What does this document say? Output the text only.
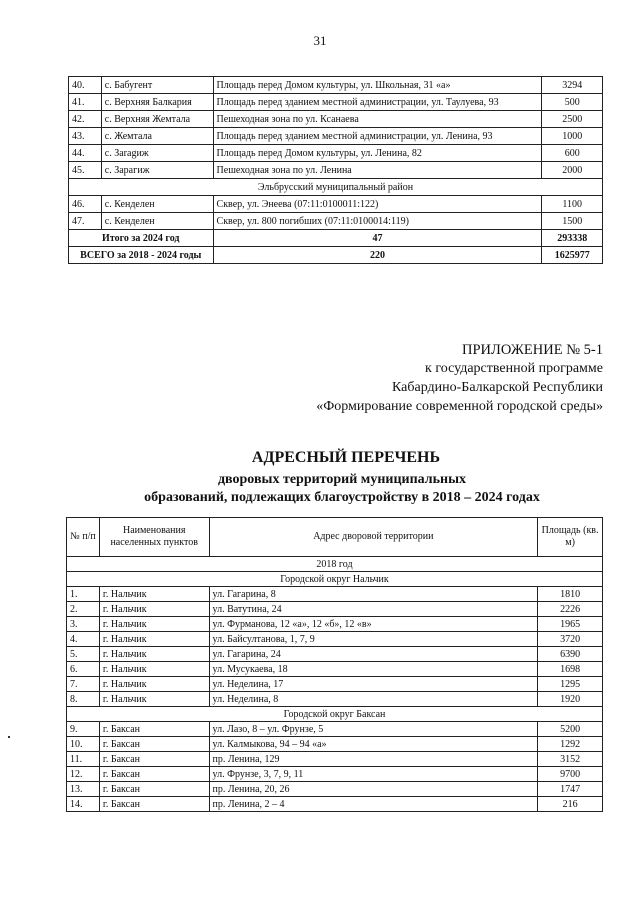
31
40.	с. Бабугент	Площадь перед Домом культуры, ул. Школьная, 31 «а»	3294
41.	с. Верхняя Балкария	Площадь перед зданием местной администрации, ул. Таулуева, 93	500
42.	с. Верхняя Жемтала	Пешеходная зона по ул. Ксанаева	2500
43.	с. Жемтала	Площадь перед зданием местной администрации, ул. Ленина, 93	1000
44.	с. Заragиж	Площадь перед Домом культуры, ул. Ленина, 82	600
45.	с. Зарагиж	Пешеходная зона по ул. Ленина	2000
Эльбрусский муниципальный район			
46.	с. Кенделен	Сквер, ул. Энеева (07:11:0100011:122)	1100
47.	с. Кенделен	Сквер, ул. 800 погибших (07:11:0100014:119)	1500
Итого за 2024 год		47	293338
ВСЕГО за 2018 - 2024 годы		220	1625977
ПРИЛОЖЕНИЕ № 5-1
к государственной программе
Кабардино-Балкарской Республики
«Формирование современной городской среды»
АДРЕСНЫЙ ПЕРЕЧЕНЬ
дворовых территорий муниципальных
образований, подлежащих благоустройству в 2018 – 2024 годах
№ п/п	Наименования населенных пунктов	Адрес дворовой территории	Площадь (кв. м)
2018 год			
Городской округ Нальчик			
1.	г. Нальчик	ул. Гагарина, 8	1810
2.	г. Нальчик	ул. Ватутина, 24	2226
3.	г. Нальчик	ул. Фурманова, 12 «а», 12 «б», 12 «в»	1965
4.	г. Нальчик	ул. Байсултанова, 1, 7, 9	3720
5.	г. Нальчик	ул. Гагарина, 24	6390
6.	г. Нальчик	ул. Мусукаева, 18	1698
7.	г. Нальчик	ул. Неделина, 17	1295
8.	г. Нальчик	ул. Неделина, 8	1920
Городской округ Баксан			
9.	г. Баксан	ул. Лазо, 8 – ул. Фрунзе, 5	5200
10.	г. Баксан	ул. Калмыкова, 94 – 94 «а»	1292
11.	г. Баксан	пр. Ленина, 129	3152
12.	г. Баксан	ул. Фрунзе, 3, 7, 9, 11	9700
13.	г. Баксан	пр. Ленина, 20, 26	1747
14.	г. Баксан	пр. Ленина, 2 – 4	216
